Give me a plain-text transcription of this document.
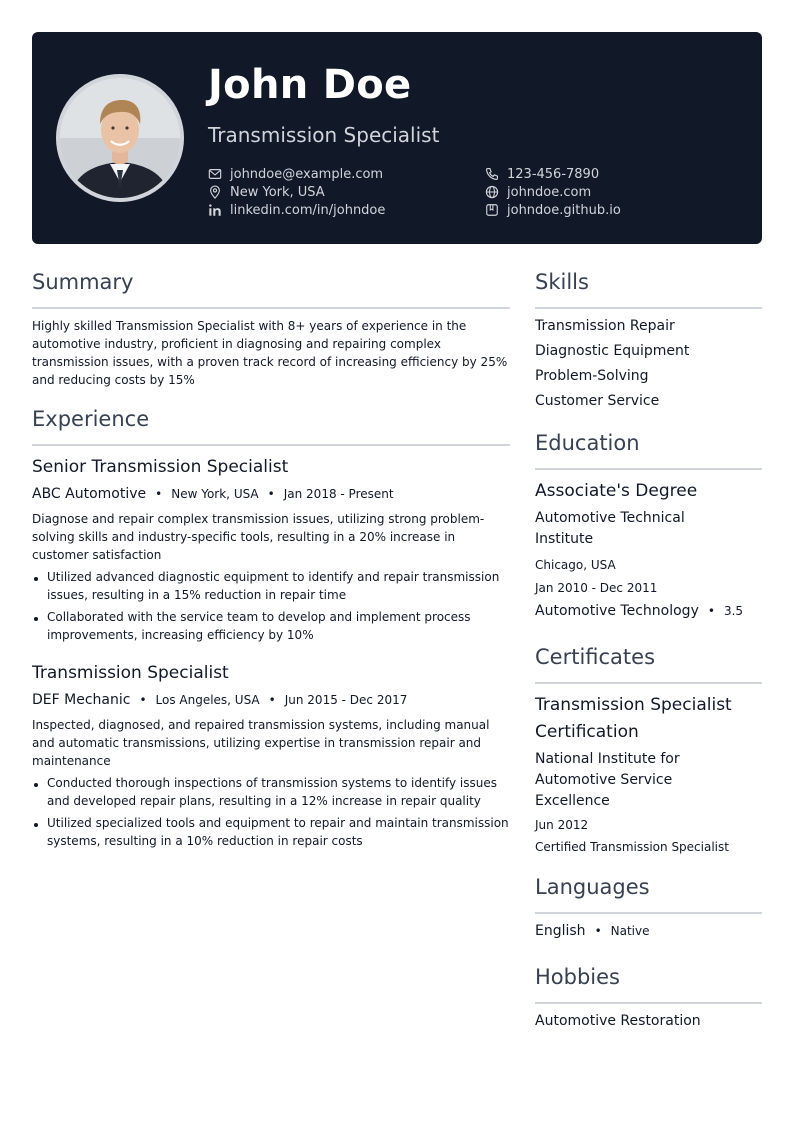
John Doe
Transmission Specialist
johndoe@example.com
New York, USA
linkedin.com/in/johndoe
123-456-7890
johndoe.com
johndoe.github.io
Summary
Highly skilled Transmission Specialist with 8+ years of experience in the automotive industry, proficient in diagnosing and repairing complex transmission issues, with a proven track record of increasing efficiency by 25% and reducing costs by 15%
Experience
Senior Transmission Specialist
ABC Automotive • New York, USA • Jan 2018 - Present
Diagnose and repair complex transmission issues, utilizing strong problem-solving skills and industry-specific tools, resulting in a 20% increase in customer satisfaction
Utilized advanced diagnostic equipment to identify and repair transmission issues, resulting in a 15% reduction in repair time
Collaborated with the service team to develop and implement process improvements, increasing efficiency by 10%
Transmission Specialist
DEF Mechanic • Los Angeles, USA • Jun 2015 - Dec 2017
Inspected, diagnosed, and repaired transmission systems, including manual and automatic transmissions, utilizing expertise in transmission repair and maintenance
Conducted thorough inspections of transmission systems to identify issues and developed repair plans, resulting in a 12% increase in repair quality
Utilized specialized tools and equipment to repair and maintain transmission systems, resulting in a 10% reduction in repair costs
Skills
Transmission Repair
Diagnostic Equipment
Problem-Solving
Customer Service
Education
Associate's Degree
Automotive Technical Institute
Chicago, USA
Jan 2010 - Dec 2011
Automotive Technology • 3.5
Certificates
Transmission Specialist Certification
National Institute for Automotive Service Excellence
Jun 2012
Certified Transmission Specialist
Languages
English • Native
Hobbies
Automotive Restoration
